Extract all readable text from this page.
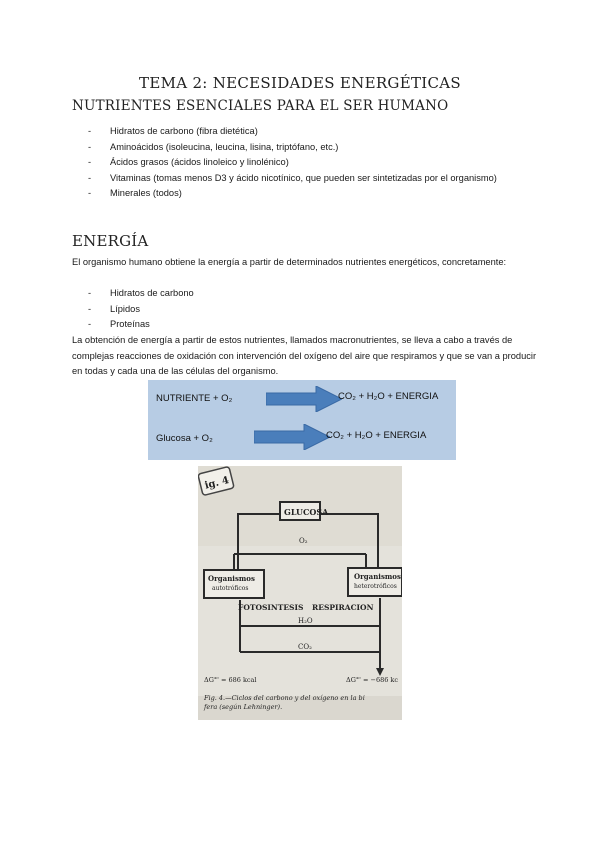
TEMA 2: NECESIDADES ENERGÉTICAS
NUTRIENTES ESENCIALES PARA EL SER HUMANO
- Hidratos de carbono (fibra dietética)
- Aminoácidos (isoleucina, leucina, lisina, triptófano, etc.)
- Ácidos grasos (ácidos linoleico y linolénico)
- Vitaminas (tomas menos D3 y ácido nicotínico, que pueden ser sintetizadas por el organismo)
- Minerales (todos)
ENERGÍA
El organismo humano obtiene la energía a partir de determinados nutrientes energéticos, concretamente:
- Hidratos de carbono
- Lípidos
- Proteínas
La obtención de energía a partir de estos nutrientes, llamados macronutrientes, se lleva a cabo a través de complejas reacciones de oxidación con intervención del oxígeno del aire que respiramos y que se van a producir en todas y cada una de las células del organismo.
NUTRIENTE + O₂	CO₂ + H₂O + ENERGIA
Glucosa + O₂	CO₂ + H₂O + ENERGIA
ig. 4
GLUCOSA
O₂
Organismos
autotróficos
Organismos
heterotróficos
FOTOSINTESIS RESPIRACION
H₂O
CO₂
ΔG°' = 686 kcal	ΔG°' = −686 kc
Fig. 4.—Ciclos del carbono y del oxígeno en la bi
fera (según Lehninger).
